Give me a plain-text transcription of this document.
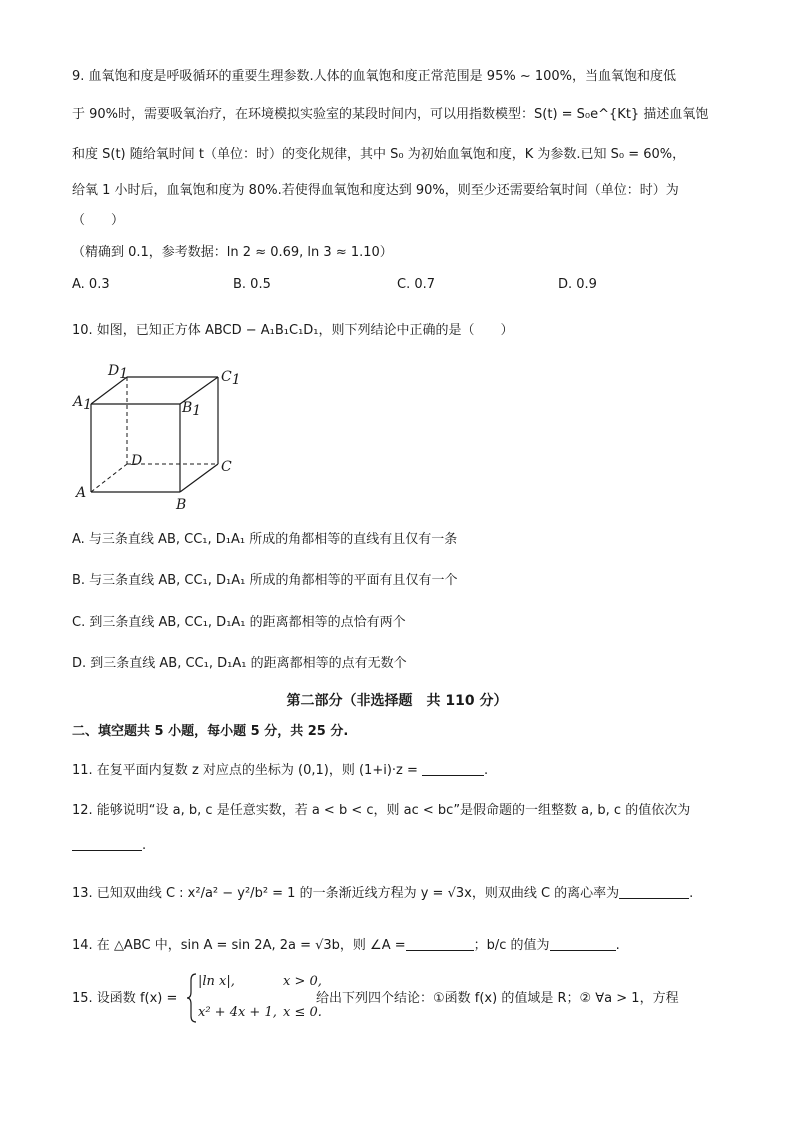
9. 血氧饱和度是呼吸循环的重要生理参数.人体的血氧饱和度正常范围是 95% ~ 100%，当血氧饱和度低
于 90%时，需要吸氧治疗，在环境模拟实验室的某段时间内，可以用指数模型：S(t) = S₀e^{Kt} 描述血氧饱
和度 S(t) 随给氧时间 t（单位：时）的变化规律，其中 S₀ 为初始血氧饱和度，K 为参数.已知 S₀ = 60%，
给氧 1 小时后，血氧饱和度为 80%.若使得血氧饱和度达到 90%，则至少还需要给氧时间（单位：时）为
（　　）
（精确到 0.1，参考数据：ln 2 ≈ 0.69, ln 3 ≈ 1.10）
A. 0.3	B. 0.5	C. 0.7	D. 0.9
10. 如图，已知正方体 ABCD − A₁B₁C₁D₁，则下列结论中正确的是（　　）
D1	C1
A1	B1
D	C
A
B
A. 与三条直线 AB, CC₁, D₁A₁ 所成的角都相等的直线有且仅有一条
B. 与三条直线 AB, CC₁, D₁A₁ 所成的角都相等的平面有且仅有一个
C. 到三条直线 AB, CC₁, D₁A₁ 的距离都相等的点恰有两个
D. 到三条直线 AB, CC₁, D₁A₁ 的距离都相等的点有无数个
第二部分（非选择题　共 110 分）
二、填空题共 5 小题，每小题 5 分，共 25 分.
11. 在复平面内复数 z 对应点的坐标为 (0,1)，则 (1+i)·z =	.
12. 能够说明“设 a, b, c 是任意实数，若 a < b < c，则 ac < bc”是假命题的一组整数 a, b, c 的值依次为
.
13. 已知双曲线 C : x²/a² − y²/b² = 1 的一条渐近线方程为 y = √3x，则双曲线 C 的离心率为	.
14. 在 △ABC 中，sin A = sin 2A, 2a = √3b，则 ∠A =	；b/c 的值为	.
15. 设函数 f(x) =
|ln x|,	x > 0,
x² + 4x + 1, x ≤ 0.
给出下列四个结论：①函数 f(x) 的值域是 R；② ∀a > 1，方程
